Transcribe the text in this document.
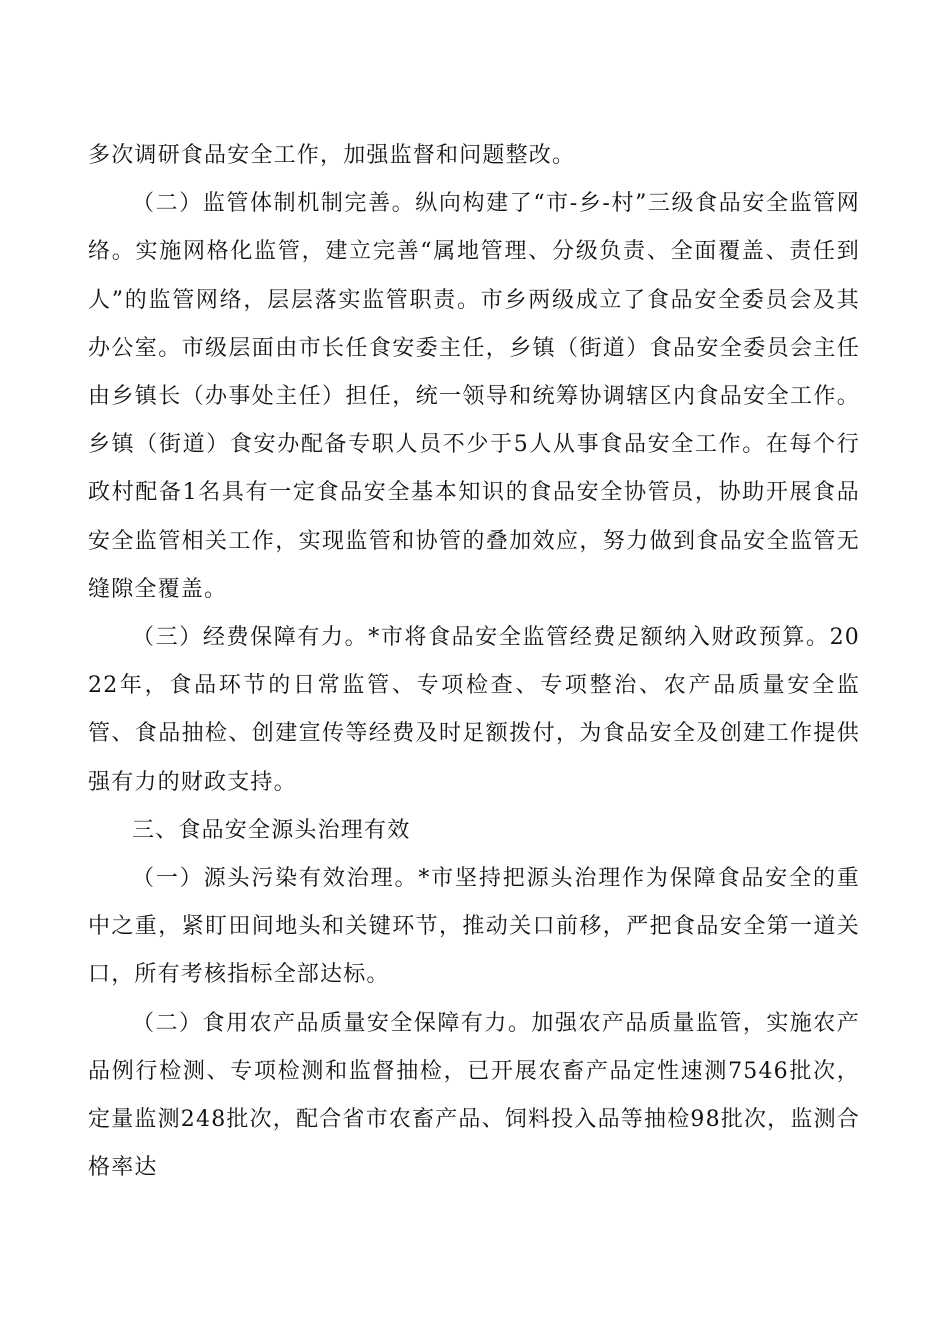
多次调研食品安全工作，加强监督和问题整改。

（二）监管体制机制完善。纵向构建了“市-乡-村”三级食品安全监管网络。实施网格化监管，建立完善“属地管理、分级负责、全面覆盖、责任到人”的监管网络，层层落实监管职责。市乡两级成立了食品安全委员会及其办公室。市级层面由市长任食安委主任，乡镇（街道）食品安全委员会主任由乡镇长（办事处主任）担任，统一领导和统筹协调辖区内食品安全工作。乡镇（街道）食安办配备专职人员不少于5人从事食品安全工作。在每个行政村配备1名具有一定食品安全基本知识的食品安全协管员，协助开展食品安全监管相关工作，实现监管和协管的叠加效应，努力做到食品安全监管无缝隙全覆盖。

（三）经费保障有力。*市将食品安全监管经费足额纳入财政预算。2022年，食品环节的日常监管、专项检查、专项整治、农产品质量安全监管、食品抽检、创建宣传等经费及时足额拨付，为食品安全及创建工作提供强有力的财政支持。

三、食品安全源头治理有效

（一）源头污染有效治理。*市坚持把源头治理作为保障食品安全的重中之重，紧盯田间地头和关键环节，推动关口前移，严把食品安全第一道关口，所有考核指标全部达标。

（二）食用农产品质量安全保障有力。加强农产品质量监管，实施农产品例行检测、专项检测和监督抽检，已开展农畜产品定性速测7546批次，定量监测248批次，配合省市农畜产品、饲料投入品等抽检98批次，监测合格率达
